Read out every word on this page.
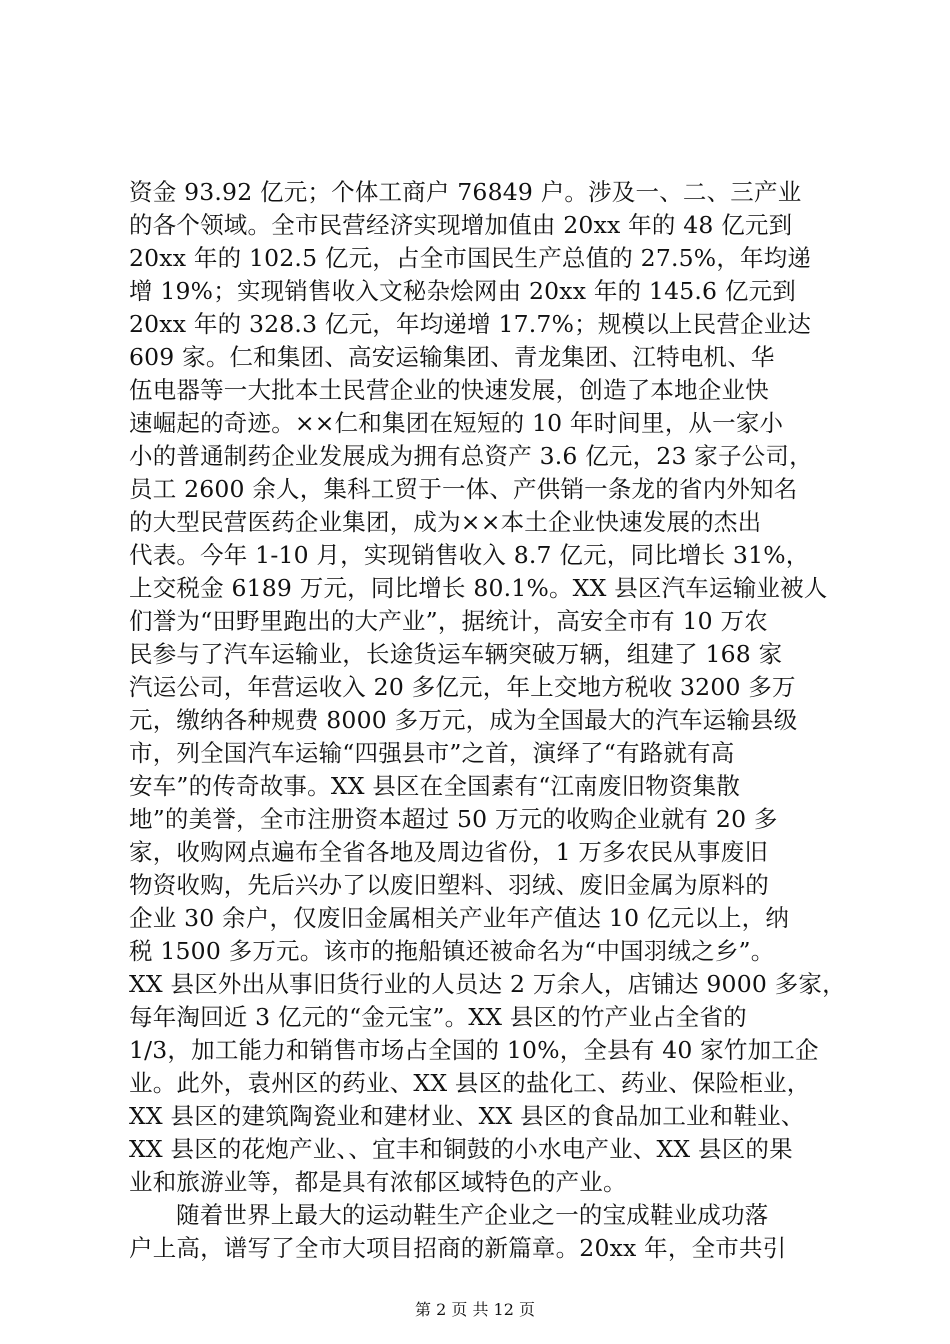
资金 93.92 亿元；个体工商户 76849 户。涉及一、二、三产业
的各个领域。全市民营经济实现增加值由 20xx 年的 48 亿元到
20xx 年的 102.5 亿元，占全市国民生产总值的 27.5%，年均递
增 19%；实现销售收入文秘杂烩网由 20xx 年的 145.6 亿元到
20xx 年的 328.3 亿元，年均递增 17.7%；规模以上民营企业达
609 家。仁和集团、高安运输集团、青龙集团、江特电机、华
伍电器等一大批本土民营企业的快速发展，创造了本地企业快
速崛起的奇迹。××仁和集团在短短的 10 年时间里，从一家小
小的普通制药企业发展成为拥有总资产 3.6 亿元，23 家子公司，
员工 2600 余人，集科工贸于一体、产供销一条龙的省内外知名
的大型民营医药企业集团，成为××本土企业快速发展的杰出
代表。今年 1-10 月，实现销售收入 8.7 亿元，同比增长 31%，
上交税金 6189 万元，同比增长 80.1%。XX 县区汽车运输业被人
们誉为“田野里跑出的大产业”，据统计，高安全市有 10 万农
民参与了汽车运输业，长途货运车辆突破万辆，组建了 168 家
汽运公司，年营运收入 20 多亿元，年上交地方税收 3200 多万
元，缴纳各种规费 8000 多万元，成为全国最大的汽车运输县级
市，列全国汽车运输“四强县市”之首，演绎了“有路就有高
安车”的传奇故事。XX 县区在全国素有“江南废旧物资集散
地”的美誉，全市注册资本超过 50 万元的收购企业就有 20 多
家，收购网点遍布全省各地及周边省份，1 万多农民从事废旧
物资收购，先后兴办了以废旧塑料、羽绒、废旧金属为原料的
企业 30 余户，仅废旧金属相关产业年产值达 10 亿元以上，纳
税 1500 多万元。该市的拖船镇还被命名为“中国羽绒之乡”。
XX 县区外出从事旧货行业的人员达 2 万余人，店铺达 9000 多家，
每年淘回近 3 亿元的“金元宝”。XX 县区的竹产业占全省的
1/3，加工能力和销售市场占全国的 10%，全县有 40 家竹加工企
业。此外，袁州区的药业、XX 县区的盐化工、药业、保险柜业，
XX 县区的建筑陶瓷业和建材业、XX 县区的食品加工业和鞋业、
XX 县区的花炮产业、、宜丰和铜鼓的小水电产业、XX 县区的果
业和旅游业等，都是具有浓郁区域特色的产业。
随着世界上最大的运动鞋生产企业之一的宝成鞋业成功落
户上高，谱写了全市大项目招商的新篇章。20xx 年，全市共引
第 2 页 共 12 页
